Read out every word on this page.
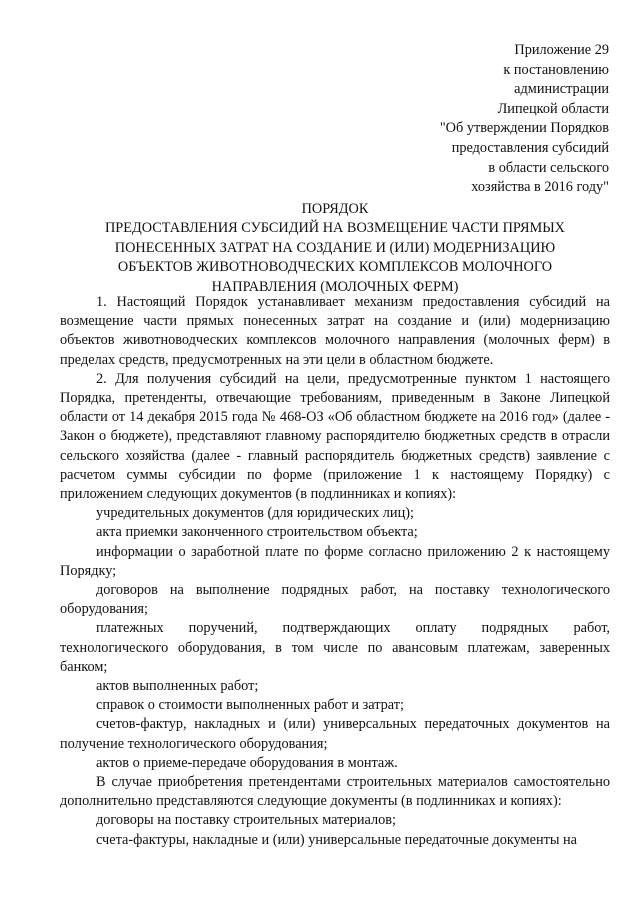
Приложение 29
к постановлению
администрации
Липецкой области
"Об утверждении Порядков
предоставления субсидий
в области сельского
хозяйства в 2016 году"
ПОРЯДОК
ПРЕДОСТАВЛЕНИЯ СУБСИДИЙ НА ВОЗМЕЩЕНИЕ ЧАСТИ ПРЯМЫХ
ПОНЕСЕННЫХ ЗАТРАТ НА СОЗДАНИЕ И (ИЛИ) МОДЕРНИЗАЦИЮ
ОБЪЕКТОВ ЖИВОТНОВОДЧЕСКИХ КОМПЛЕКСОВ МОЛОЧНОГО
НАПРАВЛЕНИЯ (МОЛОЧНЫХ ФЕРМ)

1. Настоящий Порядок устанавливает механизм предоставления субсидий на возмещение части прямых понесенных затрат на создание и (или) модернизацию объектов животноводческих комплексов молочного направления (молочных ферм) в пределах средств, предусмотренных на эти цели в областном бюджете.

2. Для получения субсидий на цели, предусмотренные пунктом 1 настоящего Порядка, претенденты, отвечающие требованиям, приведенным в Законе Липецкой области от 14 декабря 2015 года № 468-ОЗ «Об областном бюджете на 2016 год» (далее - Закон о бюджете), представляют главному распорядителю бюджетных средств в отрасли сельского хозяйства (далее - главный распорядитель бюджетных средств) заявление с расчетом суммы субсидии по форме (приложение 1 к настоящему Порядку) с приложением следующих документов (в подлинниках и копиях):

учредительных документов (для юридических лиц);

акта приемки законченного строительством объекта;

информации о заработной плате по форме согласно приложению 2 к настоящему Порядку;

договоров на выполнение подрядных работ, на поставку технологического оборудования;

платежных поручений, подтверждающих оплату подрядных работ, технологического оборудования, в том числе по авансовым платежам, заверенных банком;

актов выполненных работ;

справок о стоимости выполненных работ и затрат;

счетов-фактур, накладных и (или) универсальных передаточных документов на получение технологического оборудования;

актов о приеме-передаче оборудования в монтаж.

В случае приобретения претендентами строительных материалов самостоятельно дополнительно представляются следующие документы (в подлинниках и копиях):

договоры на поставку строительных материалов;

счета-фактуры, накладные и (или) универсальные передаточные документы на
